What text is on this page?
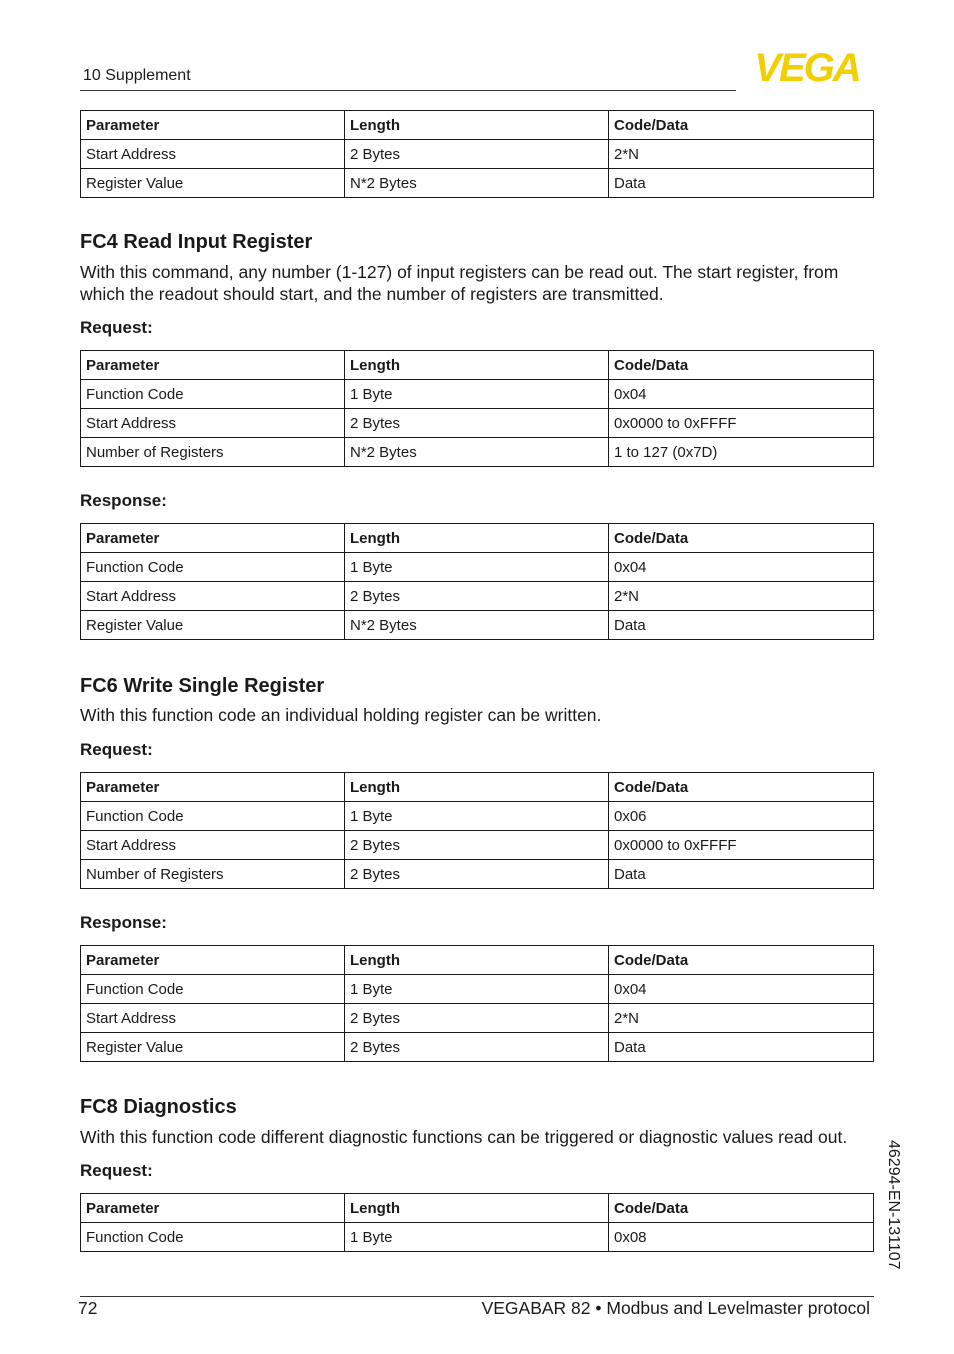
10 Supplement	VEGA
Parameter	Length	Code/Data
Start Address	2 Bytes	2*N
Register Value	N*2 Bytes	Data
FC4 Read Input Register

With this command, any number (1-127) of input registers can be read out. The start register, from which the readout should start, and the number of registers are transmitted.

Request:
Parameter	Length	Code/Data
Function Code	1 Byte	0x04
Start Address	2 Bytes	0x0000 to 0xFFFF
Number of Registers	N*2 Bytes	1 to 127 (0x7D)
Response:
Parameter	Length	Code/Data
Function Code	1 Byte	0x04
Start Address	2 Bytes	2*N
Register Value	N*2 Bytes	Data
FC6 Write Single Register

With this function code an individual holding register can be written.

Request:
Parameter	Length	Code/Data
Function Code	1 Byte	0x06
Start Address	2 Bytes	0x0000 to 0xFFFF
Number of Registers	2 Bytes	Data
Response:
Parameter	Length	Code/Data
Function Code	1 Byte	0x04
Start Address	2 Bytes	2*N
Register Value	2 Bytes	Data
FC8 Diagnostics

With this function code different diagnostic functions can be triggered or diagnostic values read out.

Request:
Parameter	Length	Code/Data
Function Code	1 Byte	0x08	46294-EN-131107
72	VEGABAR 82 • Modbus and Levelmaster protocol
